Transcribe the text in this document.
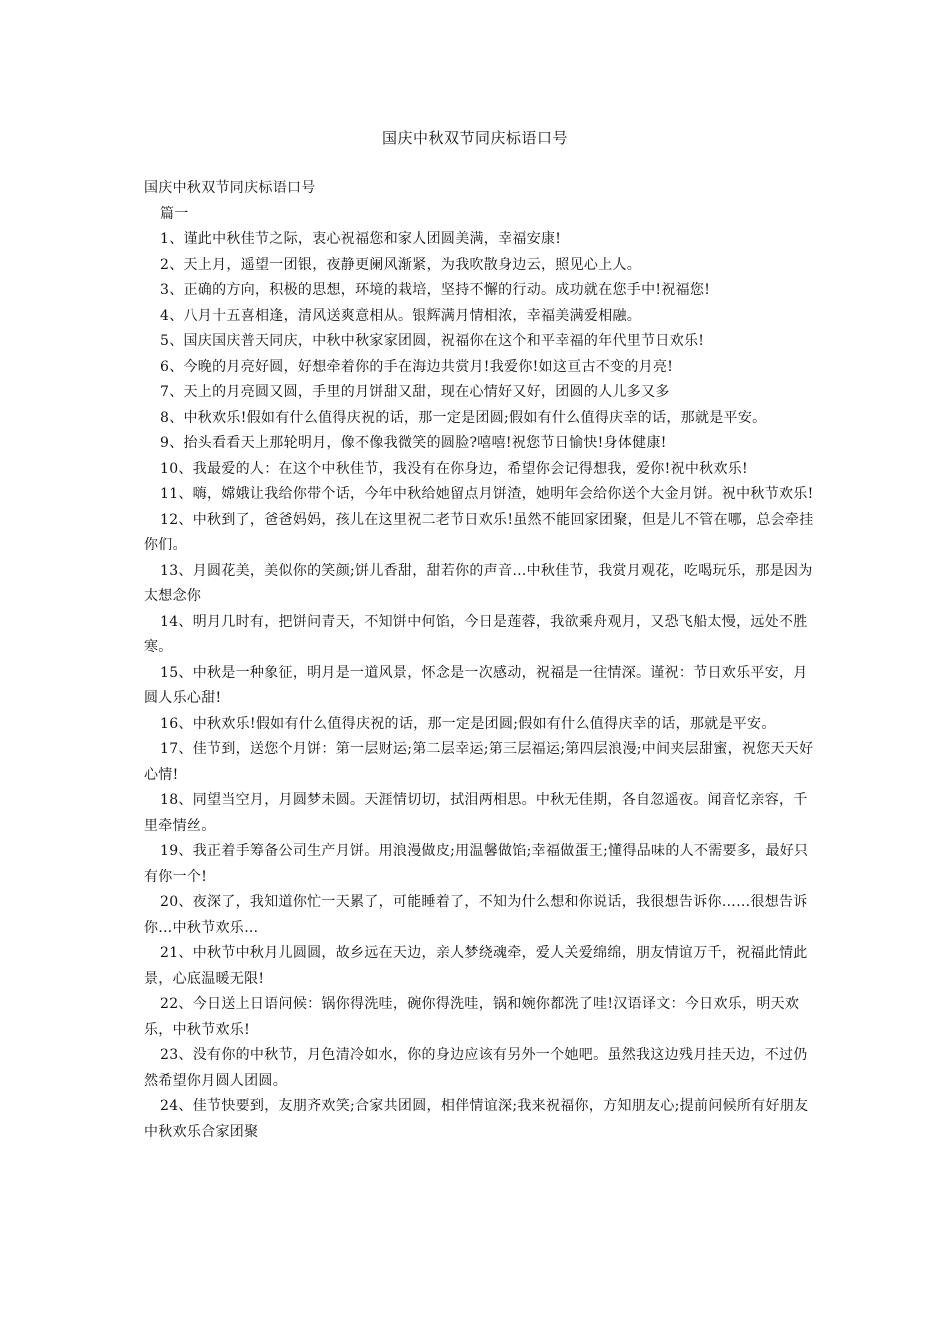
国庆中秋双节同庆标语口号

国庆中秋双节同庆标语口号

篇一

1、谨此中秋佳节之际，衷心祝福您和家人团圆美满，幸福安康!

2、天上月，遥望一团银，夜静更阑风渐紧，为我吹散身边云，照见心上人。

3、正确的方向，积极的思想，环境的栽培，坚持不懈的行动。成功就在您手中!祝福您!

4、八月十五喜相逢，清风送爽意相从。银辉满月情相浓，幸福美满爱相融。

5、国庆国庆普天同庆，中秋中秋家家团圆，祝福你在这个和平幸福的年代里节日欢乐!

6、今晚的月亮好圆，好想牵着你的手在海边共赏月!我爱你!如这亘古不变的月亮!

7、天上的月亮圆又圆，手里的月饼甜又甜，现在心情好又好，团圆的人儿多又多

8、中秋欢乐!假如有什么值得庆祝的话，那一定是团圆;假如有什么值得庆幸的话，那就是平安。

9、抬头看看天上那轮明月，像不像我微笑的圆脸?嘻嘻!祝您节日愉快!身体健康!

10、我最爱的人：在这个中秋佳节，我没有在你身边，希望你会记得想我，爱你!祝中秋欢乐!

11、嗨，嫦娥让我给你带个话，今年中秋给她留点月饼渣，她明年会给你送个大金月饼。祝中秋节欢乐!

12、中秋到了，爸爸妈妈，孩儿在这里祝二老节日欢乐!虽然不能回家团聚，但是儿不管在哪，总会牵挂你们。

13、月圆花美，美似你的笑颜;饼儿香甜，甜若你的声音…中秋佳节，我赏月观花，吃喝玩乐，那是因为太想念你

14、明月几时有，把饼问青天，不知饼中何馅，今日是莲蓉，我欲乘舟观月，又恐飞船太慢，远处不胜寒。

15、中秋是一种象征，明月是一道风景，怀念是一次感动，祝福是一往情深。谨祝：节日欢乐平安，月圆人乐心甜!

16、中秋欢乐!假如有什么值得庆祝的话，那一定是团圆;假如有什么值得庆幸的话，那就是平安。

17、佳节到，送您个月饼：第一层财运;第二层幸运;第三层福运;第四层浪漫;中间夹层甜蜜，祝您天天好心情!

18、同望当空月，月圆梦未圆。天涯情切切，拭泪两相思。中秋无佳期，各自忽遥夜。闻音忆亲容，千里牵情丝。

19、我正着手筹备公司生产月饼。用浪漫做皮;用温馨做馅;幸福做蛋王;懂得品味的人不需要多，最好只有你一个!

20、夜深了，我知道你忙一天累了，可能睡着了，不知为什么想和你说话，我很想告诉你……很想告诉你…中秋节欢乐…

21、中秋节中秋月儿圆圆，故乡远在天边，亲人梦绕魂牵，爱人关爱绵绵，朋友情谊万千，祝福此情此景，心底温暖无限!

22、今日送上日语问候：锅你得洗哇，碗你得洗哇，锅和婉你都洗了哇!汉语译文：今日欢乐，明天欢乐，中秋节欢乐!

23、没有你的中秋节，月色清冷如水，你的身边应该有另外一个她吧。虽然我这边残月挂天边，不过仍然希望你月圆人团圆。

24、佳节快要到，友朋齐欢笑;合家共团圆，相伴情谊深;我来祝福你，方知朋友心;提前问候所有好朋友中秋欢乐合家团聚
